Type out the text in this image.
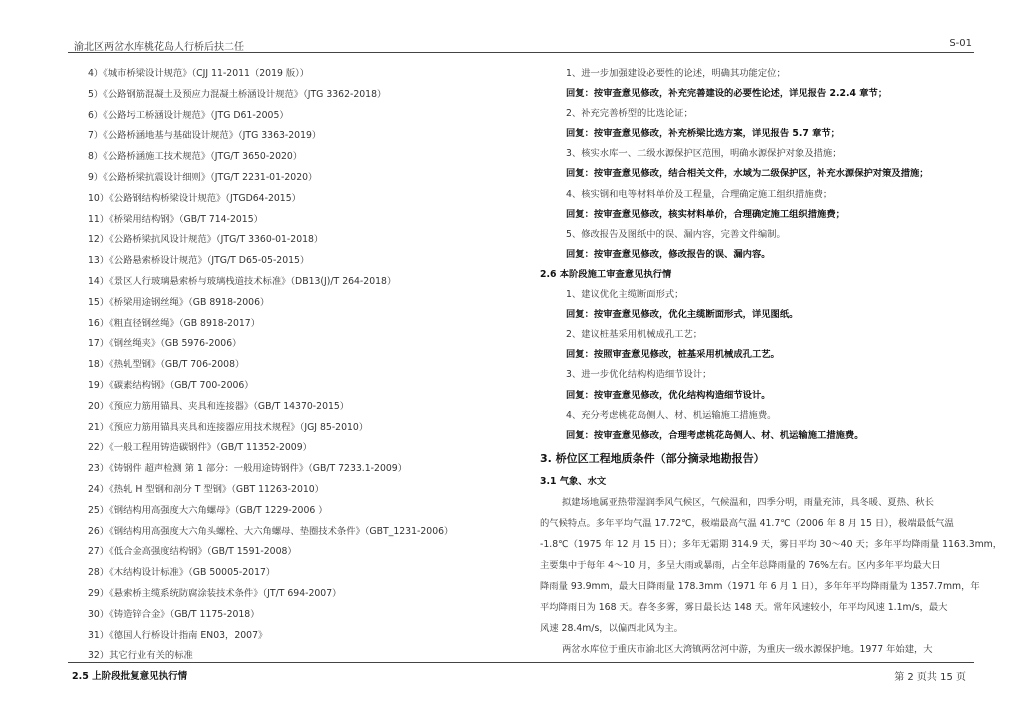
渝北区两岔水库桃花岛人行桥后扶二任	S-01
4）《城市桥梁设计规范》（CJJ 11-2011（2019 版））
5）《公路钢筋混凝土及预应力混凝土桥涵设计规范》（JTG 3362-2018）
6）《公路圬工桥涵设计规范》（JTG D61-2005）
7）《公路桥涵地基与基础设计规范》（JTG 3363-2019）
8）《公路桥涵施工技术规范》（JTG/T 3650-2020）
9）《公路桥梁抗震设计细则》（JTG/T 2231-01-2020）
10）《公路钢结构桥梁设计规范》（JTGD64-2015）
11）《桥梁用结构钢》（GB/T 714-2015）
12）《公路桥梁抗风设计规范》（JTG/T 3360-01-2018）
13）《公路悬索桥设计规范》（JTG/T D65-05-2015）
14）《景区人行玻璃悬索桥与玻璃栈道技术标准》（DB13(J)/T 264-2018）
15）《桥梁用途钢丝绳》（GB 8918-2006）
16）《粗直径钢丝绳》（GB 8918-2017）
17）《钢丝绳夹》（GB 5976-2006）
18）《热轧型钢》（GB/T 706-2008）
19）《碳素结构钢》（GB/T 700-2006）
20）《预应力筋用锚具、夹具和连接器》（GB/T 14370-2015）
21）《预应力筋用锚具夹具和连接器应用技术规程》（JGJ 85-2010）
22）《一般工程用铸造碳钢件》（GB/T 11352-2009）
23）《铸钢件 超声检测 第 1 部分：一般用途铸钢件》（GB/T 7233.1-2009）
24）《热轧 H 型钢和剖分 T 型钢》（GBT 11263-2010）
25）《钢结构用高强度大六角螺母》（GB/T 1229-2006 ）
26）《钢结构用高强度大六角头螺栓、大六角螺母、垫圈技术条件》（GBT_1231-2006）
27）《低合金高强度结构钢》（GB/T 1591-2008）
28）《木结构设计标准》（GB 50005-2017）
29）《悬索桥主缆系统防腐涂装技术条件》（JT/T 694-2007）
30）《铸造锌合金》（GB/T 1175-2018）
31）《德国人行桥设计指南 EN03，2007》
32）其它行业有关的标准
2.5 上阶段批复意见执行情
1、进一步加强建设必要性的论述，明确其功能定位；
回复：按审查意见修改，补充完善建设的必要性论述，详见报告 2.2.4 章节；
2、补充完善桥型的比选论证；
回复：按审查意见修改，补充桥梁比选方案，详见报告 5.7 章节；
3、核实水库一、二级水源保护区范围，明确水源保护对象及措施；
回复：按审查意见修改，结合相关文件，水域为二级保护区，补充水源保护对策及措施；
4、核实钢和电等材料单价及工程量，合理确定施工组织措施费；
回复：按审查意见修改，核实材料单价，合理确定施工组织措施费；
5、修改报告及图纸中的误、漏内容，完善文件编制。
回复：按审查意见修改，修改报告的误、漏内容。
2.6 本阶段施工审查意见执行情
1、建议优化主缆断面形式；
回复：按审查意见修改，优化主缆断面形式，详见图纸。
2、建议桩基采用机械成孔工艺；
回复：按照审查意见修改，桩基采用机械成孔工艺。
3、进一步优化结构构造细节设计；
回复：按审查意见修改，优化结构构造细节设计。
4、充分考虑桃花岛侧人、材、机运输施工措施费。
回复：按审查意见修改，合理考虑桃花岛侧人、材、机运输施工措施费。
3. 桥位区工程地质条件（部分摘录地勘报告）
3.1 气象、水文
拟建场地属亚热带湿润季风气候区，气候温和，四季分明，雨量充沛，具冬暖、夏热、秋长
的气候特点。多年平均气温 17.72℃，极端最高气温 41.7℃（2006 年 8 月 15 日），极端最低气温
-1.8℃（1975 年 12 月 15 日）；多年无霜期 314.9 天，雾日平均 30～40 天；多年平均降雨量 1163.3mm，
主要集中于每年 4～10 月，多呈大雨或暴雨，占全年总降雨量的 76%左右。区内多年平均最大日
降雨量 93.9mm，最大日降雨量 178.3mm（1971 年 6 月 1 日），多年年平均降雨量为 1357.7mm，年
平均降雨日为 168 天。春冬多雾，雾日最长达 148 天。常年风速较小，年平均风速 1.1m/s，最大
风速 28.4m/s，以偏西北风为主。
两岔水库位于重庆市渝北区大湾镇两岔河中游，为重庆一级水源保护地。1977 年始建，大
第 2 页共 15 页
